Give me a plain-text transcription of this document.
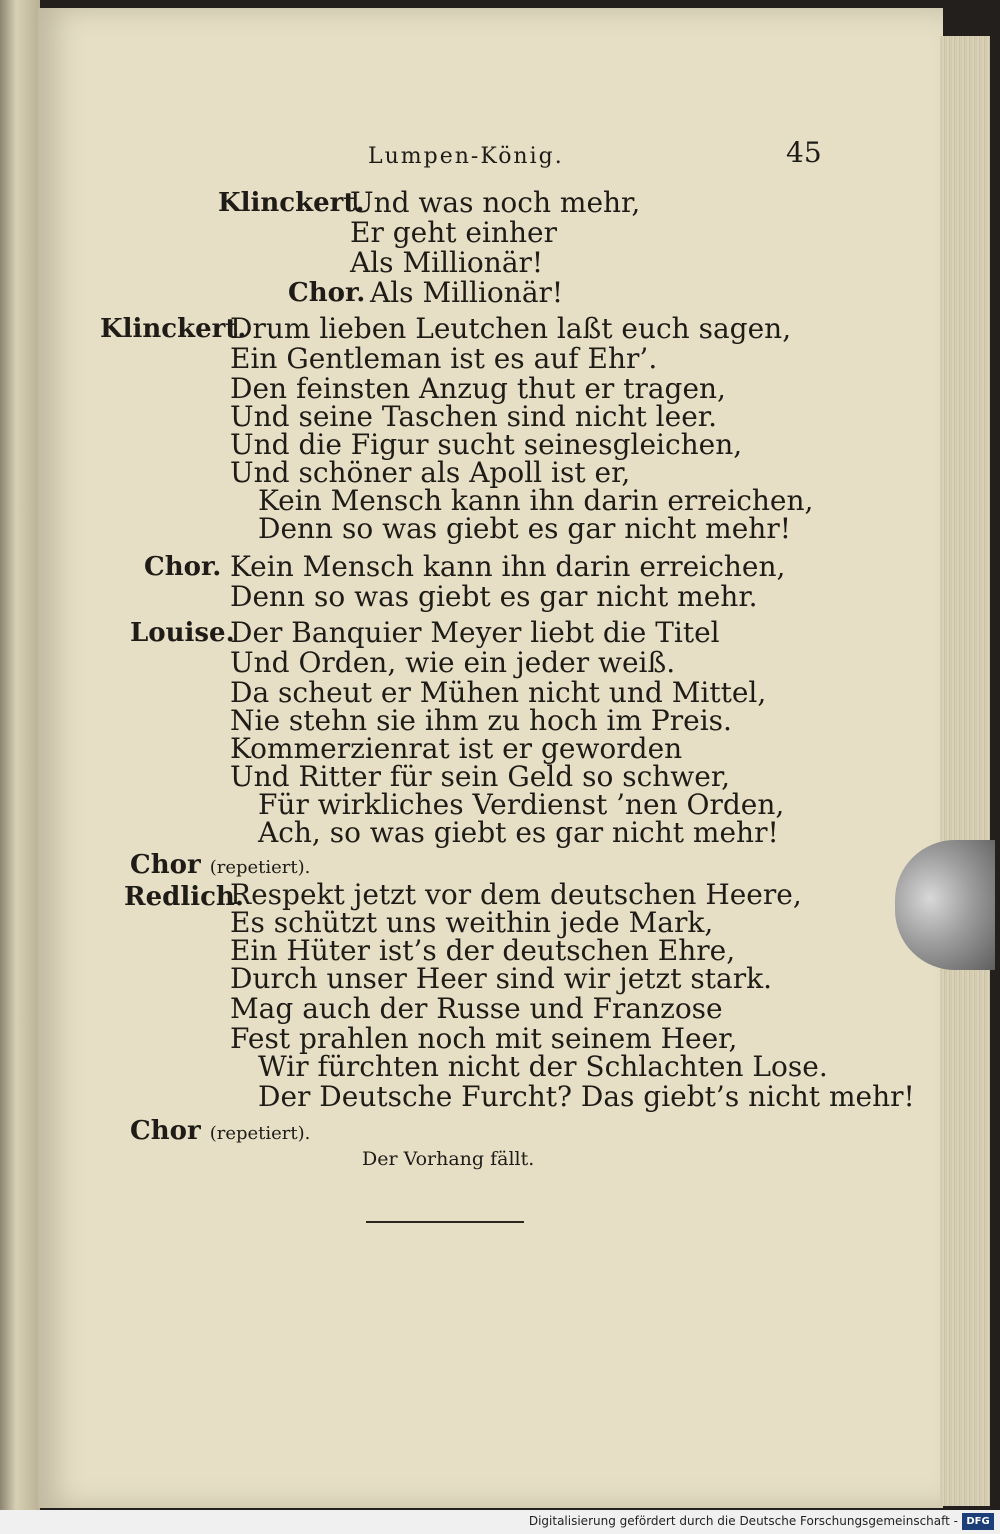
Lumpen-König.	45
Klinckert.
Und was noch mehr,
Er geht einher
Als Millionär!
Chor. Als Millionär!
Klinckert.
Drum lieben Leutchen laßt euch sagen,
Ein Gentleman ist es auf Ehr’.
Den feinsten Anzug thut er tragen,
Und seine Taschen sind nicht leer.
Und die Figur sucht seinesgleichen,
Und schöner als Apoll ist er,
Kein Mensch kann ihn darin erreichen,
Denn so was giebt es gar nicht mehr!
Chor. Kein Mensch kann ihn darin erreichen,
Denn so was giebt es gar nicht mehr.
Louise.
Der Banquier Meyer liebt die Titel
Und Orden, wie ein jeder weiß.
Da scheut er Mühen nicht und Mittel,
Nie stehn sie ihm zu hoch im Preis.
Kommerzienrat ist er geworden
Und Ritter für sein Geld so schwer,
Für wirkliches Verdienst ’nen Orden,
Ach, so was giebt es gar nicht mehr!
Chor (repetiert).
Redlich.
Respekt jetzt vor dem deutschen Heere,
Es schützt uns weithin jede Mark,
Ein Hüter ist’s der deutschen Ehre,
Durch unser Heer sind wir jetzt stark.
Mag auch der Russe und Franzose
Fest prahlen noch mit seinem Heer,
Wir fürchten nicht der Schlachten Lose.
Der Deutsche Furcht? Das giebt’s nicht mehr!
Chor (repetiert).
Der Vorhang fällt.
Digitalisierung gefördert durch die Deutsche Forschungsgemeinschaft - DFG
